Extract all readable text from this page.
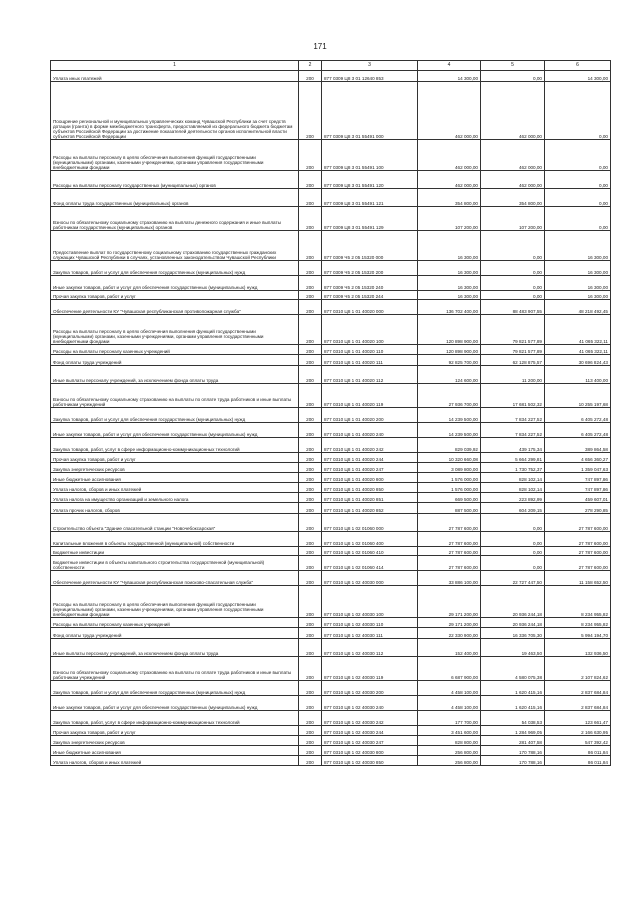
171
1	2	3	4	5	6
Уплата иных платежей	200	877 0309 Ц8 3 01 12640 853	14 300,00	0,00	14 300,00
Поощрение региональной и муниципальных управленческих команд Чувашской Республики за счет средств дотации (гранта) в форме межбюджетного трансферта, предоставляемой из федерального бюджета бюджетам субъектов Российской Федерации за достижение показателей деятельности органов исполнительной власти субъектов Российской Федерации	200	877 0309 Ц8 3 01 55491 000	462 000,00	462 000,00	0,00
Расходы на выплаты персоналу в целях обеспечения выполнения функций государственными (муниципальными) органами, казенными учреждениями, органами управления государственными внебюджетными фондами	200	877 0309 Ц8 3 01 55491 100	462 000,00	462 000,00	0,00
Расходы на выплаты персоналу государственных (муниципальных) органов	200	877 0309 Ц8 3 01 55491 120	462 000,00	462 000,00	0,00
Фонд оплаты труда государственных (муниципальных) органов	200	877 0309 Ц8 3 01 55491 121	354 800,00	354 800,00	0,00
Взносы по обязательному социальному страхованию на выплаты денежного содержания и иные выплаты работникам государственных (муниципальных) органов	200	877 0309 Ц8 3 01 55491 129	107 200,00	107 200,00	0,00
Предоставление выплат по государственному социальному страхованию государственных гражданских служащих Чувашской Республики в случаях, установленных законодательством Чувашской Республики	200	877 0309 Ч5 2 05 15320 000	16 300,00	0,00	16 300,00
Закупка товаров, работ и услуг для обеспечения государственных (муниципальных) нужд	200	877 0309 Ч5 2 05 15320 200	16 300,00	0,00	16 300,00
Иные закупки товаров, работ и услуг для обеспечения государственных (муниципальных) нужд	200	877 0309 Ч5 2 05 15320 240	16 300,00	0,00	16 300,00
Прочая закупка товаров, работ и услуг	200	877 0309 Ч5 2 05 15320 244	16 300,00	0,00	16 300,00
Обеспечение деятельности КУ "Чувашская республиканская противопожарная служба"	200	877 0310 Ц8 1 01 40020 000	136 702 400,00	88 483 907,55	48 218 492,45
Расходы на выплаты персоналу в целях обеспечения выполнения функций государственными (муниципальными) органами, казенными учреждениями, органами управления государственными внебюджетными фондами	200	877 0310 Ц8 1 01 40020 100	120 898 900,00	79 821 577,89	41 065 322,11
Расходы на выплаты персоналу казенных учреждений	200	877 0310 Ц8 1 01 40020 110	120 898 900,00	79 821 577,89	41 065 322,11
Фонд оплаты труда учреждений	200	877 0310 Ц8 1 01 40020 111	92 825 700,00	62 128 875,57	30 696 824,43
Иные выплаты персоналу учреждений, за исключением фонда оплаты труда	200	877 0310 Ц8 1 01 40020 112	124 600,00	11 200,00	113 400,00
Взносы по обязательному социальному страхованию на выплаты по оплате труда работников и иные выплаты работникам учреждений	200	877 0310 Ц8 1 01 40020 119	27 936 700,00	17 681 502,32	10 255 197,68
Закупка товаров, работ и услуг для обеспечения государственных (муниципальных) нужд	200	877 0310 Ц8 1 01 40020 200	14 239 500,00	7 834 227,52	6 405 272,48
Иные закупки товаров, работ и услуг для обеспечения государственных (муниципальных) нужд	200	877 0310 Ц8 1 01 40020 240	14 239 500,00	7 834 227,52	6 405 272,48
Закупка товаров, работ, услуг в сфере информационно-коммуникационных технологий	200	877 0310 Ц8 1 01 40020 242	829 039,92	439 175,34	389 864,58
Прочая закупка товаров, работ и услуг	200	877 0310 Ц8 1 01 40020 244	10 320 660,08	5 664 299,81	4 656 360,27
Закупка энергетических ресурсов	200	877 0310 Ц8 1 01 40020 247	3 089 800,00	1 730 752,37	1 359 047,63
Иные бюджетные ассигнования	200	877 0310 Ц8 1 01 40020 800	1 576 000,00	828 102,14	747 897,86
Уплата налогов, сборов и иных платежей	200	877 0310 Ц8 1 01 40020 850	1 576 000,00	828 102,14	747 897,86
Уплата налога на имущество организаций и земельного налога	200	877 0310 Ц8 1 01 40020 851	669 500,00	223 892,99	459 607,01
Уплата прочих налогов, сборов	200	877 0310 Ц8 1 01 40020 852	887 500,00	604 209,15	278 290,85
Строительство объекта "Здание спасательной станции "Новочебоксарская"	200	877 0310 Ц8 1 02 01060 000	27 787 600,00	0,00	27 787 600,00
Капитальные вложения в объекты государственной (муниципальной) собственности	200	877 0310 Ц8 1 02 01060 400	27 787 600,00	0,00	27 787 600,00
Бюджетные инвестиции	200	877 0310 Ц8 1 02 01060 410	27 787 600,00	0,00	27 787 600,00
Бюджетные инвестиции в объекты капитального строительства государственной (муниципальной) собственности	200	877 0310 Ц8 1 02 01060 414	27 787 600,00	0,00	27 787 600,00
Обеспечение деятельности КУ "Чувашская республиканская поисково-спасательная служба"	200	877 0310 Ц8 1 02 40030 000	33 886 100,00	22 727 447,50	11 158 652,50
Расходы на выплаты персоналу в целях обеспечения выполнения функций государственными (муниципальными) органами, казенными учреждениями, органами управления государственными внебюджетными фондами	200	877 0310 Ц8 1 02 40030 100	29 171 200,00	20 936 244,18	8 234 955,82
Расходы на выплаты персоналу казенных учреждений	200	877 0310 Ц8 1 02 40030 110	29 171 200,00	20 936 244,18	8 234 955,82
Фонд оплаты труда учреждений	200	877 0310 Ц8 1 02 40030 111	22 330 900,00	16 336 705,30	5 994 194,70
Иные выплаты персоналу учреждений, за исключением фонда оплаты труда	200	877 0310 Ц8 1 02 40030 112	152 400,00	19 463,50	132 936,50
Взносы по обязательному социальному страхованию на выплаты по оплате труда работников и иные выплаты работникам учреждений	200	877 0310 Ц8 1 02 40030 119	6 687 900,00	4 580 075,38	2 107 824,62
Закупка товаров, работ и услуг для обеспечения государственных (муниципальных) нужд	200	877 0310 Ц8 1 02 40030 200	4 458 100,00	1 620 415,16	2 837 684,84
Иные закупки товаров, работ и услуг для обеспечения государственных (муниципальных) нужд	200	877 0310 Ц8 1 02 40030 240	4 458 100,00	1 620 415,16	2 837 684,84
Закупка товаров, работ, услуг в сфере информационно-коммуникационных технологий	200	877 0310 Ц8 1 02 40030 242	177 700,00	54 038,53	123 661,47
Прочая закупка товаров, работ и услуг	200	877 0310 Ц8 1 02 40030 244	3 451 600,00	1 284 969,05	2 166 630,95
Закупка энергетических ресурсов	200	877 0310 Ц8 1 02 40030 247	828 800,00	281 407,58	547 392,42
Иные бюджетные ассигнования	200	877 0310 Ц8 1 02 40030 800	256 800,00	170 788,16	86 011,84
Уплата налогов, сборов и иных платежей	200	877 0310 Ц8 1 02 40030 850	256 800,00	170 788,16	86 011,84
